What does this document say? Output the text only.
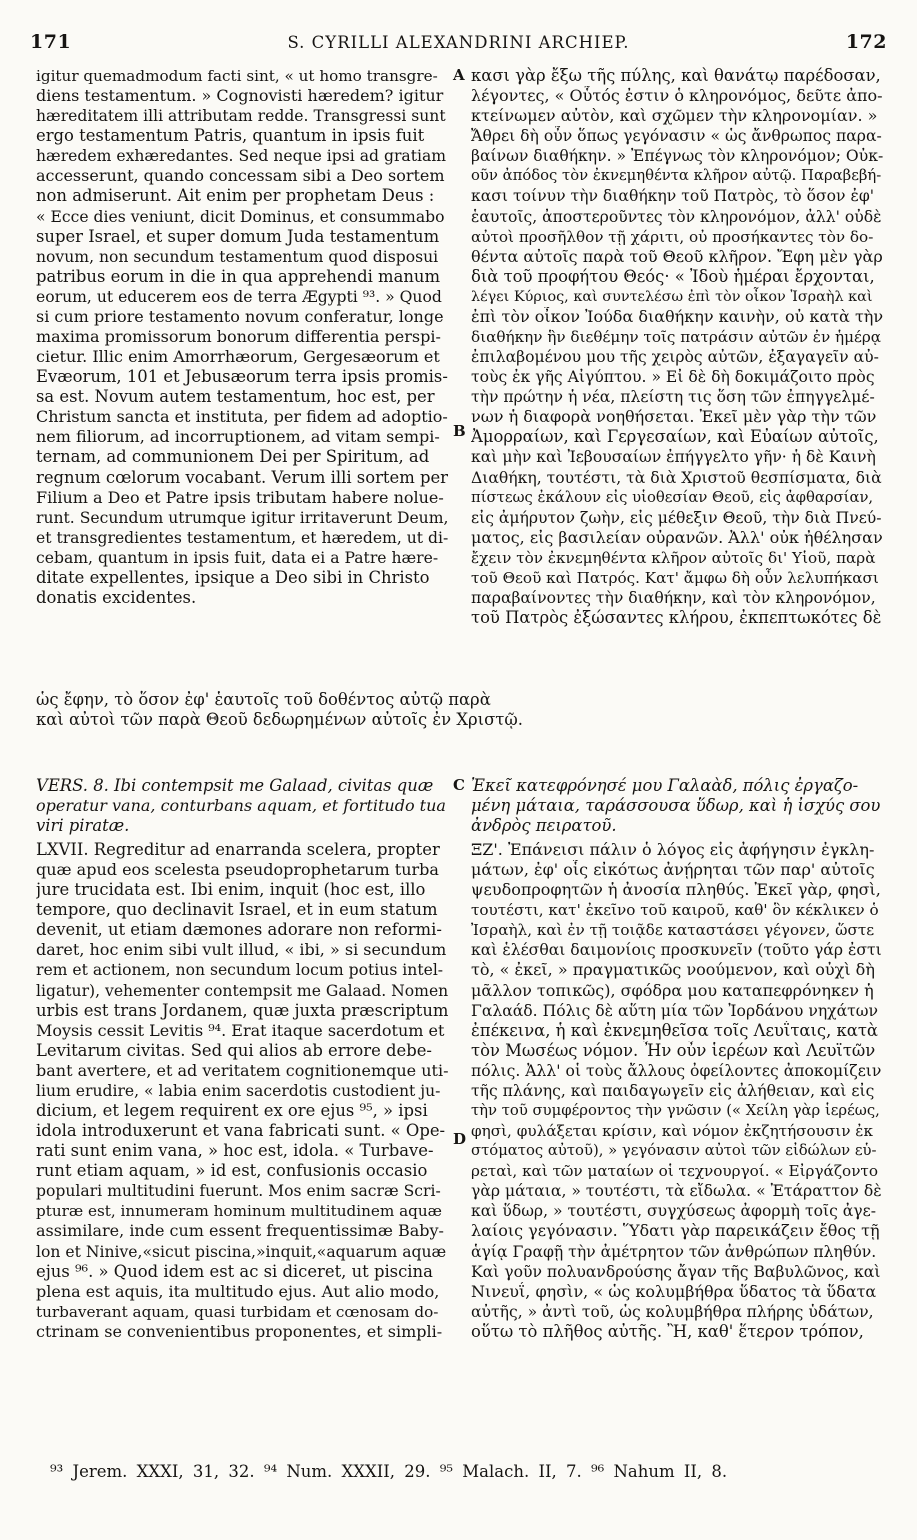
171	S. CYRILLI ALEXANDRINI ARCHIEP.	172
A
B
C
D
igitur quemadmodum facti sint, « ut homo transgre-
diens testamentum. » Cognovisti hæredem? igitur
hæreditatem illi attributam redde. Transgressi sunt
ergo testamentum Patris, quantum in ipsis fuit
hæredem exhæredantes. Sed neque ipsi ad gratiam
accesserunt, quando concessam sibi a Deo sortem
non admiserunt. Ait enim per prophetam Deus :
« Ecce dies veniunt, dicit Dominus, et consummabo
super Israel, et super domum Juda testamentum
novum, non secundum testamentum quod disposui
patribus eorum in die in qua apprehendi manum
eorum, ut educerem eos de terra Ægypti ⁹³. » Quod
si cum priore testamento novum conferatur, longe
maxima promissorum bonorum differentia perspi-
cietur. Illic enim Amorrhæorum, Gergesæorum et
Evæorum, 101 et Jebusæorum terra ipsis promis-
sa est. Novum autem testamentum, hoc est, per
Christum sancta et instituta, per fidem ad adoptio-
nem filiorum, ad incorruptionem, ad vitam sempi-
ternam, ad communionem Dei per Spiritum, ad
regnum cœlorum vocabant. Verum illi sortem per
Filium a Deo et Patre ipsis tributam habere nolue-
runt. Secundum utrumque igitur irritaverunt Deum,
et transgredientes testamentum, et hæredem, ut di-
cebam, quantum in ipsis fuit, data ei a Patre hære-
ditate expellentes, ipsique a Deo sibi in Christo
donatis excidentes.
κασι γὰρ ἔξω τῆς πύλης, καὶ θανάτῳ παρέδοσαν,
λέγοντες, « Οὗτός ἐστιν ὁ κληρονόμος, δεῦτε ἀπο-
κτείνωμεν αὐτὸν, καὶ σχῶμεν τὴν κληρονομίαν. »
Ἄθρει δὴ οὖν ὅπως γεγόνασιν « ὡς ἄνθρωπος παρα-
βαίνων διαθήκην. » Ἐπέγνως τὸν κληρονόμον; Οὐκ-
οῦν ἀπόδος τὸν ἐκνεμηθέντα κλῆρον αὐτῷ. Παραβεβή-
κασι τοίνυν τὴν διαθήκην τοῦ Πατρὸς, τὸ ὅσον ἐφ'
ἑαυτοῖς, ἀποστεροῦντες τὸν κληρονόμον, ἀλλ' οὐδὲ
αὐτοὶ προσῆλθον τῇ χάριτι, οὐ προσήκαντες τὸν δο-
θέντα αὐτοῖς παρὰ τοῦ Θεοῦ κλῆρον. Ἔφη μὲν γὰρ
διὰ τοῦ προφήτου Θεός· « Ἰδοὺ ἡμέραι ἔρχονται,
λέγει Κύριος, καὶ συντελέσω ἐπὶ τὸν οἶκον Ἰσραὴλ καὶ
ἐπὶ τὸν οἶκον Ἰούδα διαθήκην καινὴν, οὐ κατὰ τὴν
διαθήκην ἣν διεθέμην τοῖς πατράσιν αὐτῶν ἐν ἡμέρᾳ
ἐπιλαβομένου μου τῆς χειρὸς αὐτῶν, ἐξαγαγεῖν αὐ-
τοὺς ἐκ γῆς Αἰγύπτου. » Εἰ δὲ δὴ δοκιμάζοιτο πρὸς
τὴν πρώτην ἡ νέα, πλείστη τις ὅση τῶν ἐπηγγελμέ-
νων ἡ διαφορὰ νοηθήσεται. Ἐκεῖ μὲν γὰρ τὴν τῶν
Ἀμορραίων, καὶ Γεργεσαίων, καὶ Εὐαίων αὐτοῖς,
καὶ μὴν καὶ Ἰεβουσαίων ἐπήγγελτο γῆν· ἡ δὲ Καινὴ
Διαθήκη, τουτέστι, τὰ διὰ Χριστοῦ θεσπίσματα, διὰ
πίστεως ἐκάλουν εἰς υἱοθεσίαν Θεοῦ, εἰς ἀφθαρσίαν,
εἰς ἀμήρυτον ζωὴν, εἰς μέθεξιν Θεοῦ, τὴν διὰ Πνεύ-
ματος, εἰς βασιλείαν οὐρανῶν. Ἀλλ' οὐκ ἠθέλησαν
ἔχειν τὸν ἐκνεμηθέντα κλῆρον αὐτοῖς δι' Υἱοῦ, παρὰ
τοῦ Θεοῦ καὶ Πατρός. Κατ' ἄμφω δὴ οὖν λελυπήκασι
παραβαίνοντες τὴν διαθήκην, καὶ τὸν κληρονόμον,
τοῦ Πατρὸς ἐξώσαντες κλήρου, ἐκπεπτωκότες δὲ
ὡς ἔφην, τὸ ὅσον ἐφ' ἑαυτοῖς τοῦ δοθέντος αὐτῷ παρὰ
καὶ αὐτοὶ τῶν παρὰ Θεοῦ δεδωρημένων αὐτοῖς ἐν Χριστῷ.
VERS. 8. Ibi contempsit me Galaad, civitas quæ
operatur vana, conturbans aquam, et fortitudo tua
viri piratæ.
Ἐκεῖ κατεφρόνησέ μου Γαλαὰδ, πόλις ἐργαζο-
μένη μάταια, ταράσσουσα ὕδωρ, καὶ ἡ ἰσχύς σου
ἀνδρὸς πειρατοῦ.
LXVII. Regreditur ad enarranda scelera, propter
quæ apud eos scelesta pseudoprophetarum turba
jure trucidata est. Ibi enim, inquit (hoc est, illo
tempore, quo declinavit Israel, et in eum statum
devenit, ut etiam dæmones adorare non reformi-
daret, hoc enim sibi vult illud, « ibi, » si secundum
rem et actionem, non secundum locum potius intel-
ligatur), vehementer contempsit me Galaad. Nomen
urbis est trans Jordanem, quæ juxta præscriptum
Moysis cessit Levitis ⁹⁴. Erat itaque sacerdotum et
Levitarum civitas. Sed qui alios ab errore debe-
bant avertere, et ad veritatem cognitionemque uti-
lium erudire, « labia enim sacerdotis custodient ju-
dicium, et legem requirent ex ore ejus ⁹⁵, » ipsi
idola introduxerunt et vana fabricati sunt. « Ope-
rati sunt enim vana, » hoc est, idola. « Turbave-
runt etiam aquam, » id est, confusionis occasio
populari multitudini fuerunt. Mos enim sacræ Scri-
pturæ est, innumeram hominum multitudinem aquæ
assimilare, inde cum essent frequentissimæ Baby-
lon et Ninive,«sicut piscina,»inquit,«aquarum aquæ
ejus ⁹⁶. » Quod idem est ac si diceret, ut piscina
plena est aquis, ita multitudo ejus. Aut alio modo,
turbaverant aquam, quasi turbidam et cœnosam do-
ctrinam se convenientibus proponentes, et simpli-
ΞΖ'. Ἐπάνεισι πάλιν ὁ λόγος εἰς ἀφήγησιν ἐγκλη-
μάτων, ἐφ' οἷς εἰκότως ἀνῄρηται τῶν παρ' αὐτοῖς
ψευδοπροφητῶν ἡ ἀνοσία πληθύς. Ἐκεῖ γὰρ, φησὶ,
τουτέστι, κατ' ἐκεῖνο τοῦ καιροῦ, καθ' ὃν κέκλικεν ὁ
Ἰσραὴλ, καὶ ἐν τῇ τοιᾷδε καταστάσει γέγονεν, ὥστε
καὶ ἑλέσθαι δαιμονίοις προσκυνεῖν (τοῦτο γάρ ἐστι
τὸ, « ἐκεῖ, » πραγματικῶς νοούμενον, καὶ οὐχὶ δὴ
μᾶλλον τοπικῶς), σφόδρα μου καταπεφρόνηκεν ἡ
Γαλαάδ. Πόλις δὲ αὕτη μία τῶν Ἰορδάνου νηχάτων
ἐπέκεινα, ἡ καὶ ἐκνεμηθεῖσα τοῖς Λευΐταις, κατὰ
τὸν Μωσέως νόμον. Ἦν οὖν ἱερέων καὶ Λευϊτῶν
πόλις. Ἀλλ' οἱ τοὺς ἄλλους ὀφείλοντες ἀποκομίζειν
τῆς πλάνης, καὶ παιδαγωγεῖν εἰς ἀλήθειαν, καὶ εἰς
τὴν τοῦ συμφέροντος τὴν γνῶσιν (« Χείλη γὰρ ἱερέως,
φησὶ, φυλάξεται κρίσιν, καὶ νόμον ἐκζητήσουσιν ἐκ
στόματος αὐτοῦ), » γεγόνασιν αὐτοὶ τῶν εἰδώλων εὑ-
ρεταὶ, καὶ τῶν ματαίων οἱ τεχνουργοί. « Εἰργάζοντο
γὰρ μάταια, » τουτέστι, τὰ εἴδωλα. « Ἐτάραττον δὲ
καὶ ὕδωρ, » τουτέστι, συγχύσεως ἀφορμὴ τοῖς ἀγε-
λαίοις γεγόνασιν. Ὕδατι γὰρ παρεικάζειν ἔθος τῇ
ἁγίᾳ Γραφῇ τὴν ἀμέτρητον τῶν ἀνθρώπων πληθύν.
Καὶ γοῦν πολυανδρούσης ἄγαν τῆς Βαβυλῶνος, καὶ
Νινευΐ, φησὶν, « ὡς κολυμβήθρα ὕδατος τὰ ὕδατα
αὐτῆς, » ἀντὶ τοῦ, ὡς κολυμβήθρα πλήρης ὑδάτων,
οὕτω τὸ πλῆθος αὐτῆς. Ἢ, καθ' ἕτερον τρόπον,
⁹³ Jerem. XXXI, 31, 32. ⁹⁴ Num. XXXII, 29. ⁹⁵ Malach. II, 7. ⁹⁶ Nahum II, 8.
